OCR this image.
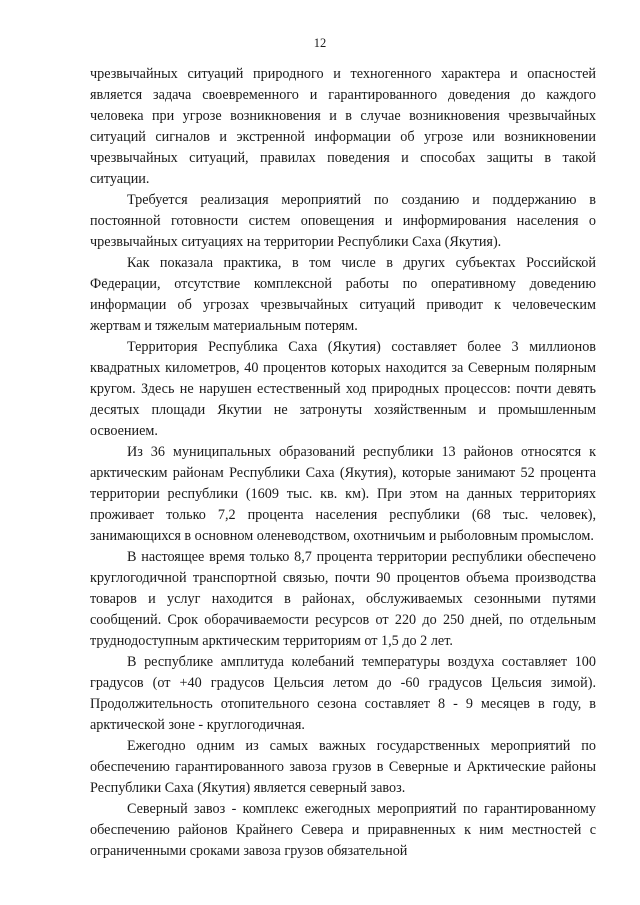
12

чрезвычайных ситуаций природного и техногенного характера и опасностей является задача своевременного и гарантированного доведения до каждого человека при угрозе возникновения и в случае возникновения чрезвычайных ситуаций сигналов и экстренной информации об угрозе или возникновении чрезвычайных ситуаций, правилах поведения и способах защиты в такой ситуации.

Требуется реализация мероприятий по созданию и поддержанию в постоянной готовности систем оповещения и информирования населения о чрезвычайных ситуациях на территории Республики Саха (Якутия).

Как показала практика, в том числе в других субъектах Российской Федерации, отсутствие комплексной работы по оперативному доведению информации об угрозах чрезвычайных ситуаций приводит к человеческим жертвам и тяжелым материальным потерям.

Территория Республика Саха (Якутия) составляет более 3 миллионов квадратных километров, 40 процентов которых находится за Северным полярным кругом. Здесь не нарушен естественный ход природных процессов: почти девять десятых площади Якутии не затронуты хозяйственным и промышленным освоением.

Из 36 муниципальных образований республики 13 районов относятся к арктическим районам Республики Саха (Якутия), которые занимают 52 процента территории республики (1609 тыс. кв. км). При этом на данных территориях проживает только 7,2 процента населения республики (68 тыс. человек), занимающихся в основном оленеводством, охотничьим и рыболовным промыслом.

В настоящее время только 8,7 процента территории республики обеспечено круглогодичной транспортной связью, почти 90 процентов объема производства товаров и услуг находится в районах, обслуживаемых сезонными путями сообщений. Срок оборачиваемости ресурсов от 220 до 250 дней, по отдельным труднодоступным арктическим территориям от 1,5 до 2 лет.

В республике амплитуда колебаний температуры воздуха составляет 100 градусов (от +40 градусов Цельсия летом до -60 градусов Цельсия зимой). Продолжительность отопительного сезона составляет 8 - 9 месяцев в году, в арктической зоне - круглогодичная.

Ежегодно одним из самых важных государственных мероприятий по обеспечению гарантированного завоза грузов в Северные и Арктические районы Республики Саха (Якутия) является северный завоз.

Северный завоз - комплекс ежегодных мероприятий по гарантированному обеспечению районов Крайнего Севера и приравненных к ним местностей с ограниченными сроками завоза грузов обязательной
